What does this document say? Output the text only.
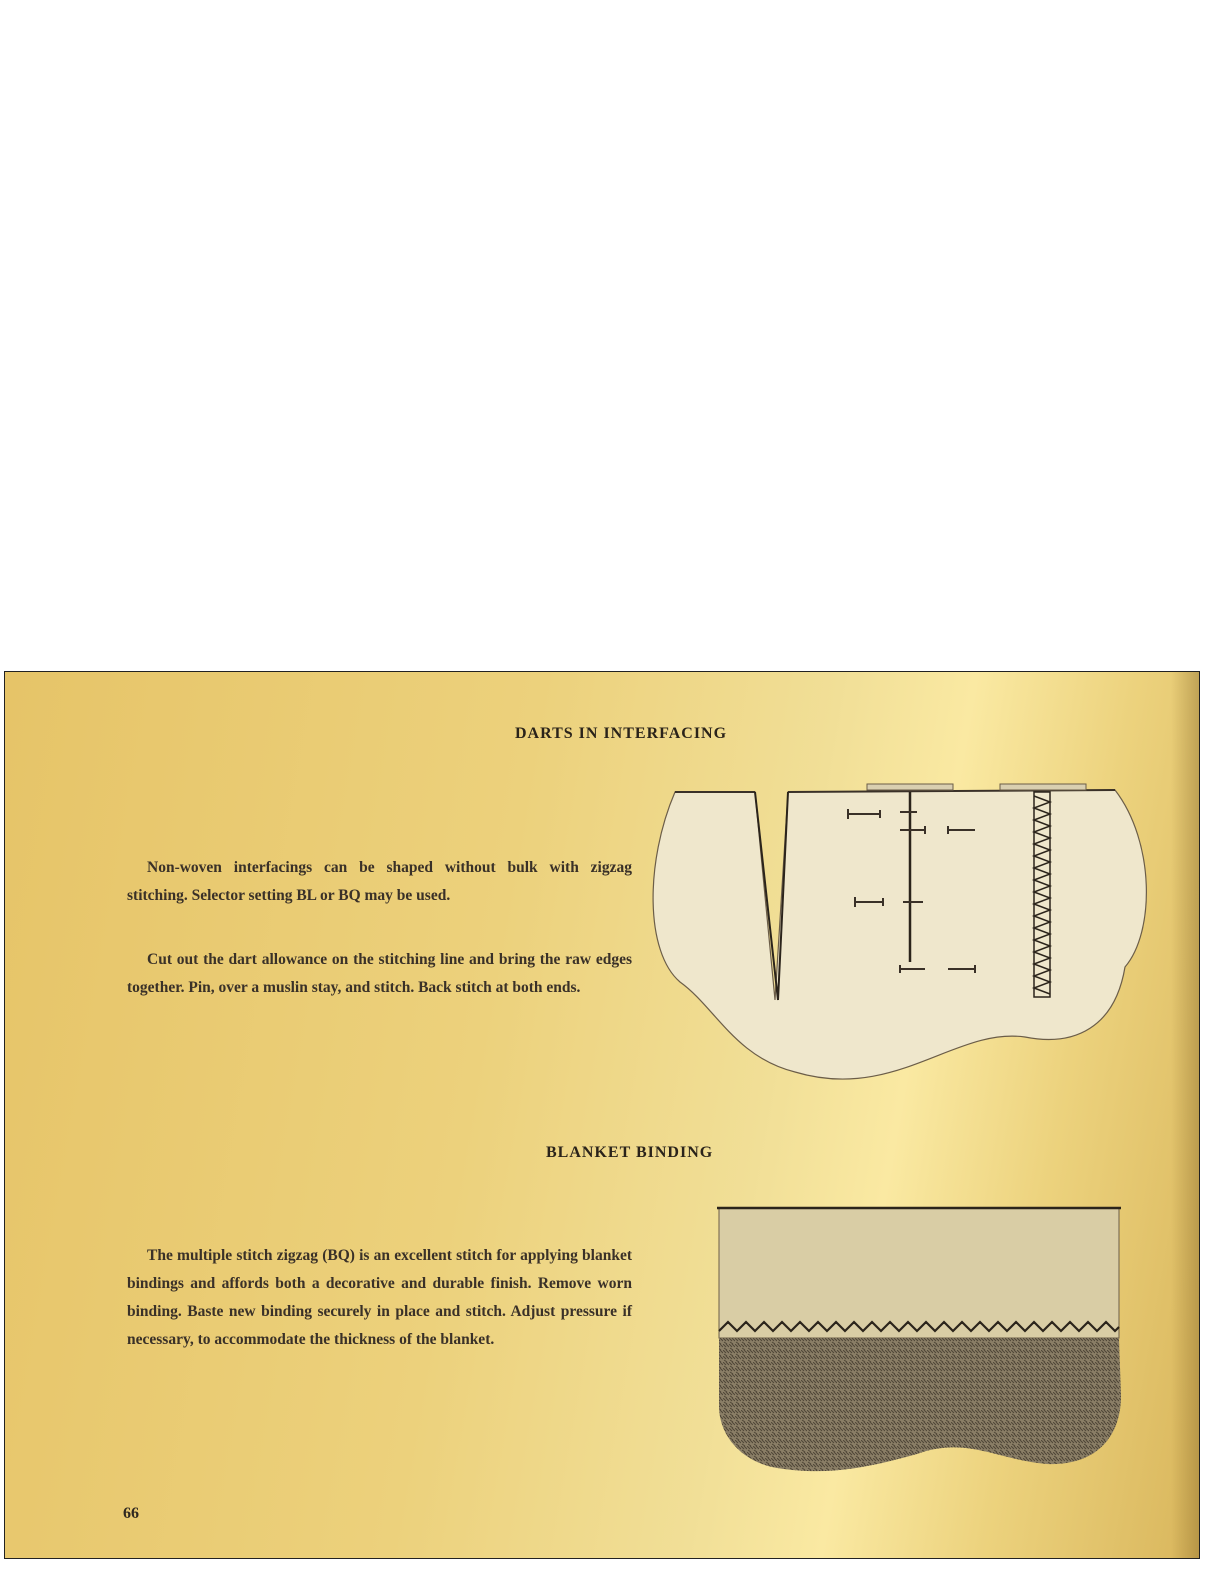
DARTS IN INTERFACING

Non-woven interfacings can be shaped without bulk with zigzag stitching. Selector setting BL or BQ may be used.

Cut out the dart allowance on the stitching line and bring the raw edges together. Pin, over a muslin stay, and stitch. Back stitch at both ends.

BLANKET BINDING

The multiple stitch zigzag (BQ) is an excellent stitch for applying blanket bindings and affords both a decorative and durable finish. Remove worn binding. Baste new binding securely in place and stitch. Adjust pressure if necessary, to accommodate the thickness of the blanket.

66
